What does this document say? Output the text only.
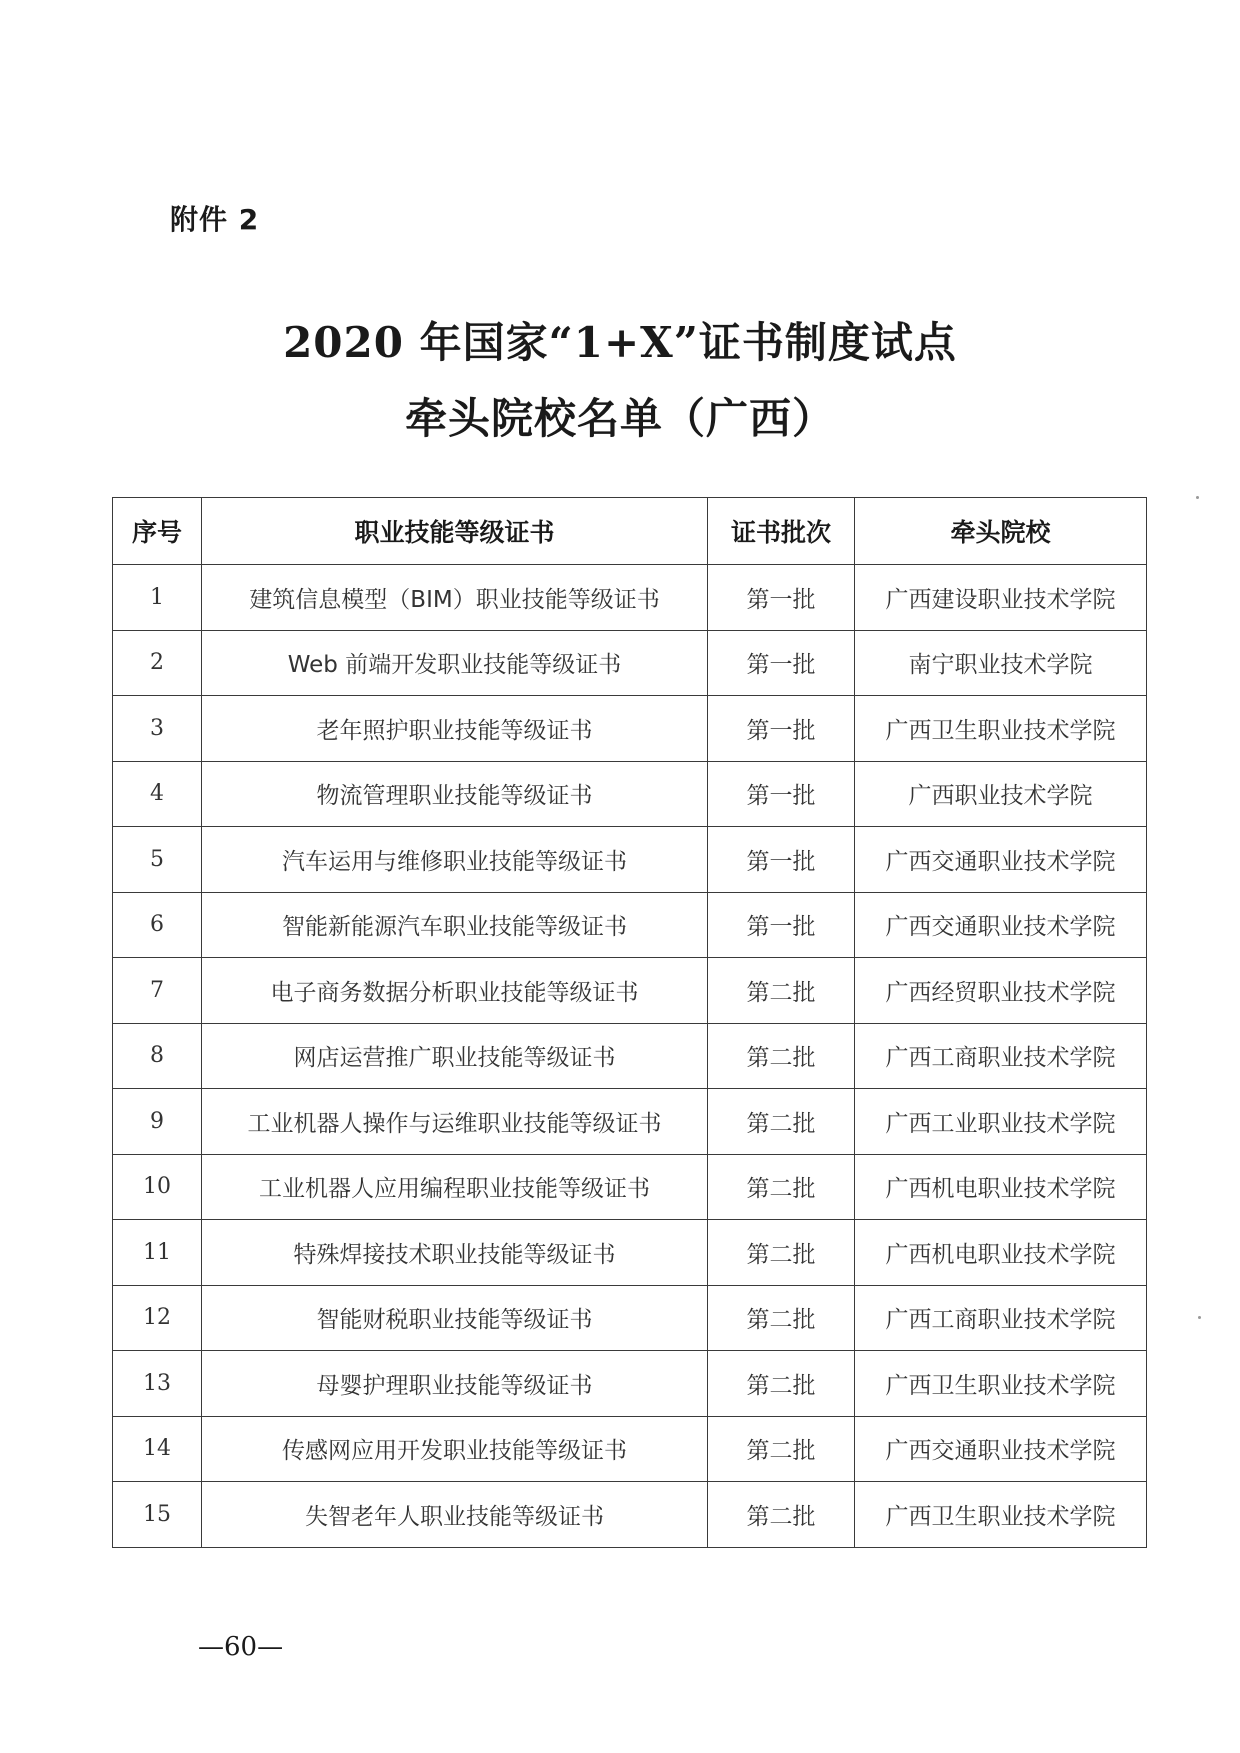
附件 2
2020 年国家“1+X”证书制度试点
牵头院校名单（广西）
序号	职业技能等级证书	证书批次	牵头院校
1	建筑信息模型（BIM）职业技能等级证书	第一批	广西建设职业技术学院
2	Web 前端开发职业技能等级证书	第一批	南宁职业技术学院
3	老年照护职业技能等级证书	第一批	广西卫生职业技术学院
4	物流管理职业技能等级证书	第一批	广西职业技术学院
5	汽车运用与维修职业技能等级证书	第一批	广西交通职业技术学院
6	智能新能源汽车职业技能等级证书	第一批	广西交通职业技术学院
7	电子商务数据分析职业技能等级证书	第二批	广西经贸职业技术学院
8	网店运营推广职业技能等级证书	第二批	广西工商职业技术学院
9	工业机器人操作与运维职业技能等级证书	第二批	广西工业职业技术学院
10	工业机器人应用编程职业技能等级证书	第二批	广西机电职业技术学院
11	特殊焊接技术职业技能等级证书	第二批	广西机电职业技术学院
12	智能财税职业技能等级证书	第二批	广西工商职业技术学院
13	母婴护理职业技能等级证书	第二批	广西卫生职业技术学院
14	传感网应用开发职业技能等级证书	第二批	广西交通职业技术学院
15	失智老年人职业技能等级证书	第二批	广西卫生职业技术学院
—60—
